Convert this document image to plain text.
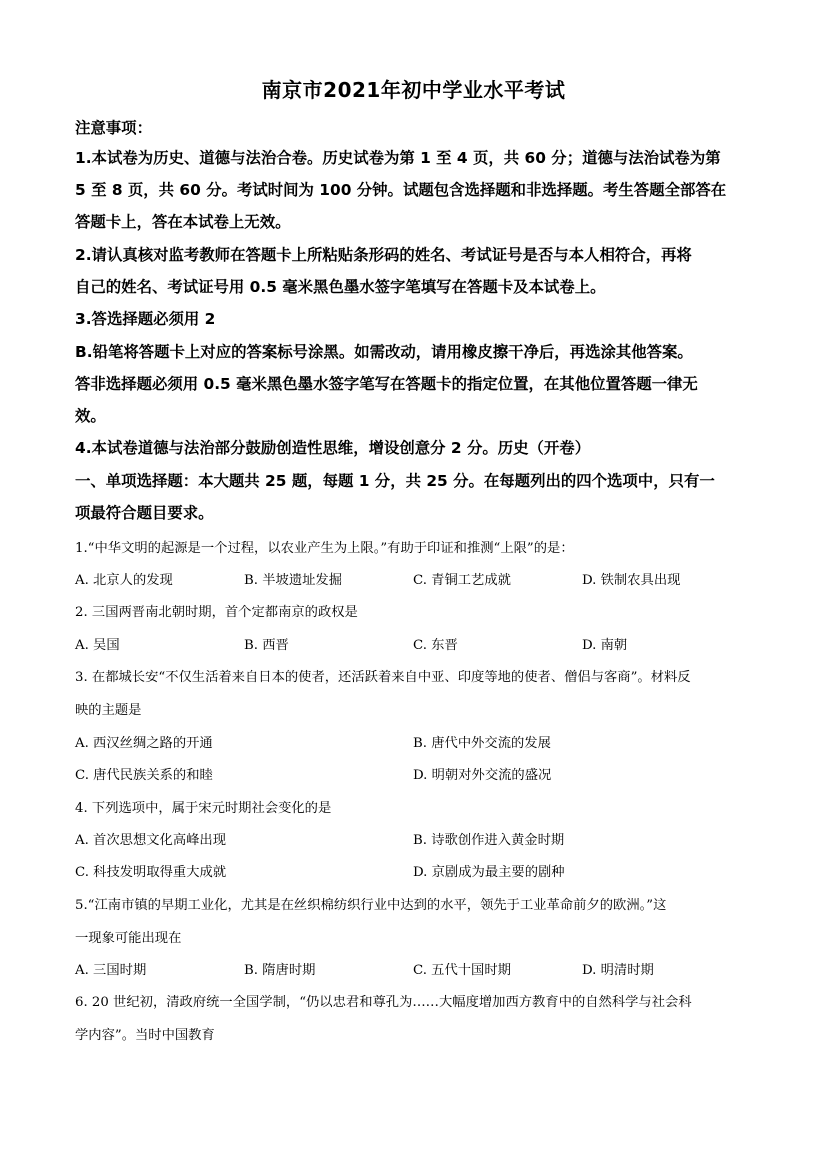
南京市2021年初中学业水平考试
注意事项：
1.本试卷为历史、道德与法治合卷。历史试卷为第 1 至 4 页，共 60 分；道德与法治试卷为第
5 至 8 页，共 60 分。考试时间为 100 分钟。试题包含选择题和非选择题。考生答题全部答在
答题卡上，答在本试卷上无效。
2.请认真核对监考教师在答题卡上所粘贴条形码的姓名、考试证号是否与本人相符合，再将
自己的姓名、考试证号用 0.5 毫米黑色墨水签字笔填写在答题卡及本试卷上。
3.答选择题必须用 2
B.铅笔将答题卡上对应的答案标号涂黑。如需改动，请用橡皮擦干净后，再选涂其他答案。
答非选择题必须用 0.5 毫米黑色墨水签字笔写在答题卡的指定位置，在其他位置答题一律无
效。
4.本试卷道德与法治部分鼓励创造性思维，增设创意分 2 分。历史（开卷）
一、单项选择题：本大题共 25 题，每题 1 分，共 25 分。在每题列出的四个选项中，只有一
项最符合题目要求。
1.“中华文明的起源是一个过程，以农业产生为上限。”有助于印证和推测“上限”的是：
A. 北京人的发现	B. 半坡遗址发掘	C. 青铜工艺成就	D. 铁制农具出现
2. 三国两晋南北朝时期，首个定都南京的政权是
A. 吴国	B. 西晋	C. 东晋	D. 南朝
3. 在都城长安“不仅生活着来自日本的使者，还活跃着来自中亚、印度等地的使者、僧侣与客商”。材料反
映的主题是
A. 西汉丝绸之路的开通	B. 唐代中外交流的发展
C. 唐代民族关系的和睦	D. 明朝对外交流的盛况
4. 下列选项中，属于宋元时期社会变化的是
A. 首次思想文化高峰出现	B. 诗歌创作进入黄金时期
C. 科技发明取得重大成就	D. 京剧成为最主要的剧种
5.“江南市镇的早期工业化，尤其是在丝织棉纺织行业中达到的水平，领先于工业革命前夕的欧洲。”这
一现象可能出现在
A. 三国时期	B. 隋唐时期	C. 五代十国时期	D. 明清时期
6. 20 世纪初，清政府统一全国学制，“仍以忠君和尊孔为……大幅度增加西方教育中的自然科学与社会科
学内容”。当时中国教育
